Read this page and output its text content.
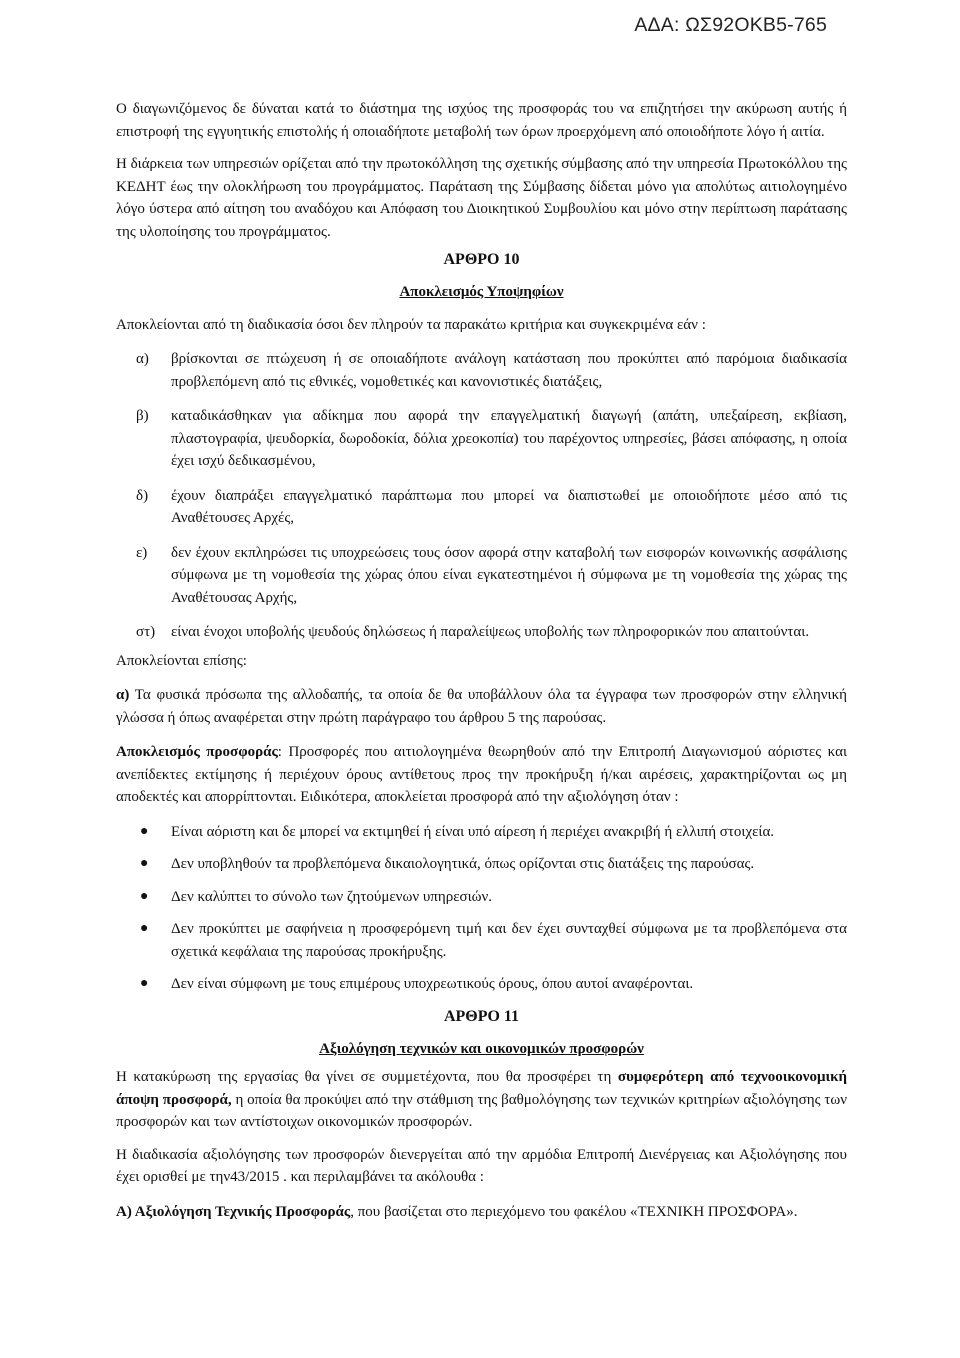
ΑΔΑ: ΩΣ92ΟΚΒ5-765

Ο διαγωνιζόμενος δε δύναται κατά το διάστημα της ισχύος της προσφοράς του να επιζητήσει την ακύρωση αυτής ή επιστροφή της εγγυητικής επιστολής ή οποιαδήποτε μεταβολή των όρων προερχόμενη από οποιοδήποτε λόγο ή αιτία.

Η διάρκεια των υπηρεσιών ορίζεται από την πρωτοκόλληση της σχετικής σύμβασης από την υπηρεσία Πρωτοκόλλου της ΚΕΔΗΤ έως την ολοκλήρωση του προγράμματος. Παράταση της Σύμβασης δίδεται μόνο για απολύτως αιτιολογημένο λόγο ύστερα από αίτηση του αναδόχου και Απόφαση του Διοικητικού Συμβουλίου και μόνο στην περίπτωση παράτασης της υλοποίησης του προγράμματος.

ΑΡΘΡΟ 10

Αποκλεισμός Υποψηφίων

Αποκλείονται από τη διαδικασία όσοι δεν πληρούν τα παρακάτω κριτήρια και συγκεκριμένα εάν :

α)	βρίσκονται σε πτώχευση ή σε οποιαδήποτε ανάλογη κατάσταση που προκύπτει από παρόμοια διαδικασία προβλεπόμενη από τις εθνικές, νομοθετικές και κανονιστικές διατάξεις,
β)	καταδικάσθηκαν για αδίκημα που αφορά την επαγγελματική διαγωγή (απάτη, υπεξαίρεση, εκβίαση, πλαστογραφία, ψευδορκία, δωροδοκία, δόλια χρεοκοπία) του παρέχοντος υπηρεσίες, βάσει απόφασης, η οποία έχει ισχύ δεδικασμένου,
δ)	έχουν διαπράξει επαγγελματικό παράπτωμα που μπορεί να διαπιστωθεί με οποιοδήποτε μέσο από τις Αναθέτουσες Αρχές,
ε)	δεν έχουν εκπληρώσει τις υποχρεώσεις τους όσον αφορά στην καταβολή των εισφορών κοινωνικής ασφάλισης σύμφωνα με τη νομοθεσία της χώρας όπου είναι εγκατεστημένοι ή σύμφωνα με τη νομοθεσία της χώρας της Αναθέτουσας Αρχής,
στ)	είναι ένοχοι υποβολής ψευδούς δηλώσεως ή παραλείψεως υποβολής των πληροφορικών που απαιτούνται.

Αποκλείονται επίσης:

α) Τα φυσικά πρόσωπα της αλλοδαπής, τα οποία δε θα υποβάλλουν όλα τα έγγραφα των προσφορών στην ελληνική γλώσσα ή όπως αναφέρεται στην πρώτη παράγραφο του άρθρου 5 της παρούσας.

Αποκλεισμός προσφοράς: Προσφορές που αιτιολογημένα θεωρηθούν από την Επιτροπή Διαγωνισμού αόριστες και ανεπίδεκτες εκτίμησης ή περιέχουν όρους αντίθετους προς την προκήρυξη ή/και αιρέσεις, χαρακτηρίζονται ως μη αποδεκτές και απορρίπτονται. Ειδικότερα, αποκλείεται προσφορά από την αξιολόγηση όταν :

●	Είναι αόριστη και δε μπορεί να εκτιμηθεί ή είναι υπό αίρεση ή περιέχει ανακριβή ή ελλιπή στοιχεία.
●	Δεν υποβληθούν τα προβλεπόμενα δικαιολογητικά, όπως ορίζονται στις διατάξεις της παρούσας.
●	Δεν καλύπτει το σύνολο των ζητούμενων υπηρεσιών.
●	Δεν προκύπτει με σαφήνεια η προσφερόμενη τιμή και δεν έχει συνταχθεί σύμφωνα με τα προβλεπόμενα στα σχετικά κεφάλαια της παρούσας προκήρυξης.
●	Δεν είναι σύμφωνη με τους επιμέρους υποχρεωτικούς όρους, όπου αυτοί αναφέρονται.

ΑΡΘΡΟ 11

Αξιολόγηση τεχνικών και οικονομικών προσφορών

Η κατακύρωση της εργασίας θα γίνει σε συμμετέχοντα, που θα προσφέρει τη συμφερότερη από τεχνοοικονομική άποψη προσφορά, η οποία θα προκύψει από την στάθμιση της βαθμολόγησης των τεχνικών κριτηρίων αξιολόγησης των προσφορών και των αντίστοιχων οικονομικών προσφορών.

Η διαδικασία αξιολόγησης των προσφορών διενεργείται από την αρμόδια Επιτροπή Διενέργειας και Αξιολόγησης που έχει ορισθεί με την43/2015 . και περιλαμβάνει τα ακόλουθα :

Α) Αξιολόγηση Τεχνικής Προσφοράς, που βασίζεται στο περιεχόμενο του φακέλου «ΤΕΧΝΙΚΗ ΠΡΟΣΦΟΡΑ».
